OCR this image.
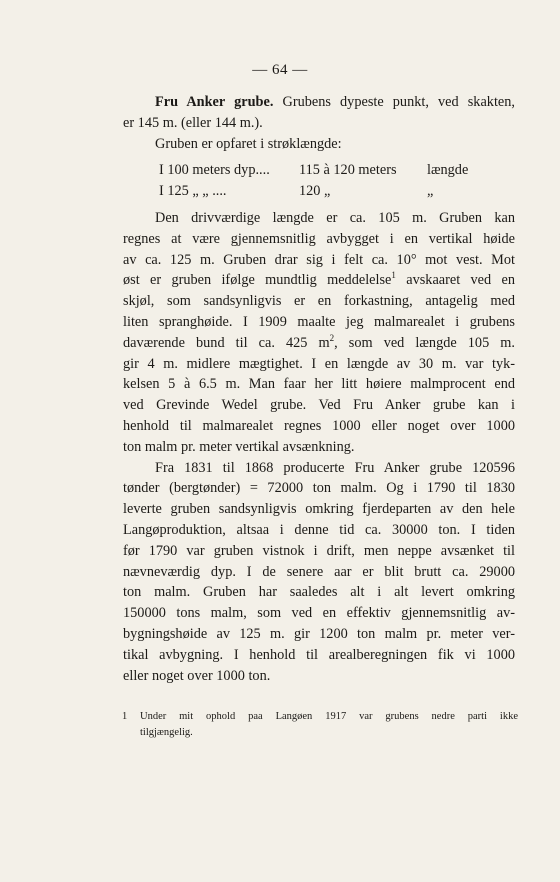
— 64 —
Fru Anker grube. Grubens dypeste punkt, ved skakten,
er 145 m. (eller 144 m.).
Gruben er opfaret i strøklængde:
I 100 meters dyp....	115 à 120 meters	længde
I 125 „ „ ....	120 „	„
Den drivværdige længde er ca. 105 m. Gruben kan
regnes at være gjennemsnitlig avbygget i en vertikal høide
av ca. 125 m. Gruben drar sig i felt ca. 10° mot vest. Mot
øst er gruben ifølge mundtlig meddelelse$^1$ avskaaret ved en
skjøl, som sandsynligvis er en forkastning, antagelig med
liten spranghøide. I 1909 maalte jeg malmarealet i grubens
daværende bund til ca. 425 $m^2$, som ved længde 105 m.
gir 4 m. midlere mægtighet. I en længde av 30 m. var tyk-
kelsen 5 à 6.5 m. Man faar her litt høiere malmprocent end
ved Grevinde Wedel grube. Ved Fru Anker grube kan i
henhold til malmarealet regnes 1000 eller noget over 1000
ton malm pr. meter vertikal avsænkning.
Fra 1831 til 1868 producerte Fru Anker grube 120596
tønder (bergtønder) = 72000 ton malm. Og i 1790 til 1830
leverte gruben sandsynligvis omkring fjerdeparten av den hele
Langøproduktion, altsaa i denne tid ca. 30000 ton. I tiden
før 1790 var gruben vistnok i drift, men neppe avsænket til
nævneværdig dyp. I de senere aar er blit brutt ca. 29000
ton malm. Gruben har saaledes alt i alt levert omkring
150000 tons malm, som ved en effektiv gjennemsnitlig av-
bygningshøide av 125 m. gir 1200 ton malm pr. meter ver-
tikal avbygning. I henhold til arealberegningen fik vi 1000
eller noget over 1000 ton.
1 Under mit ophold paa Langøen 1917 var grubens nedre parti ikke
tilgjængelig.
